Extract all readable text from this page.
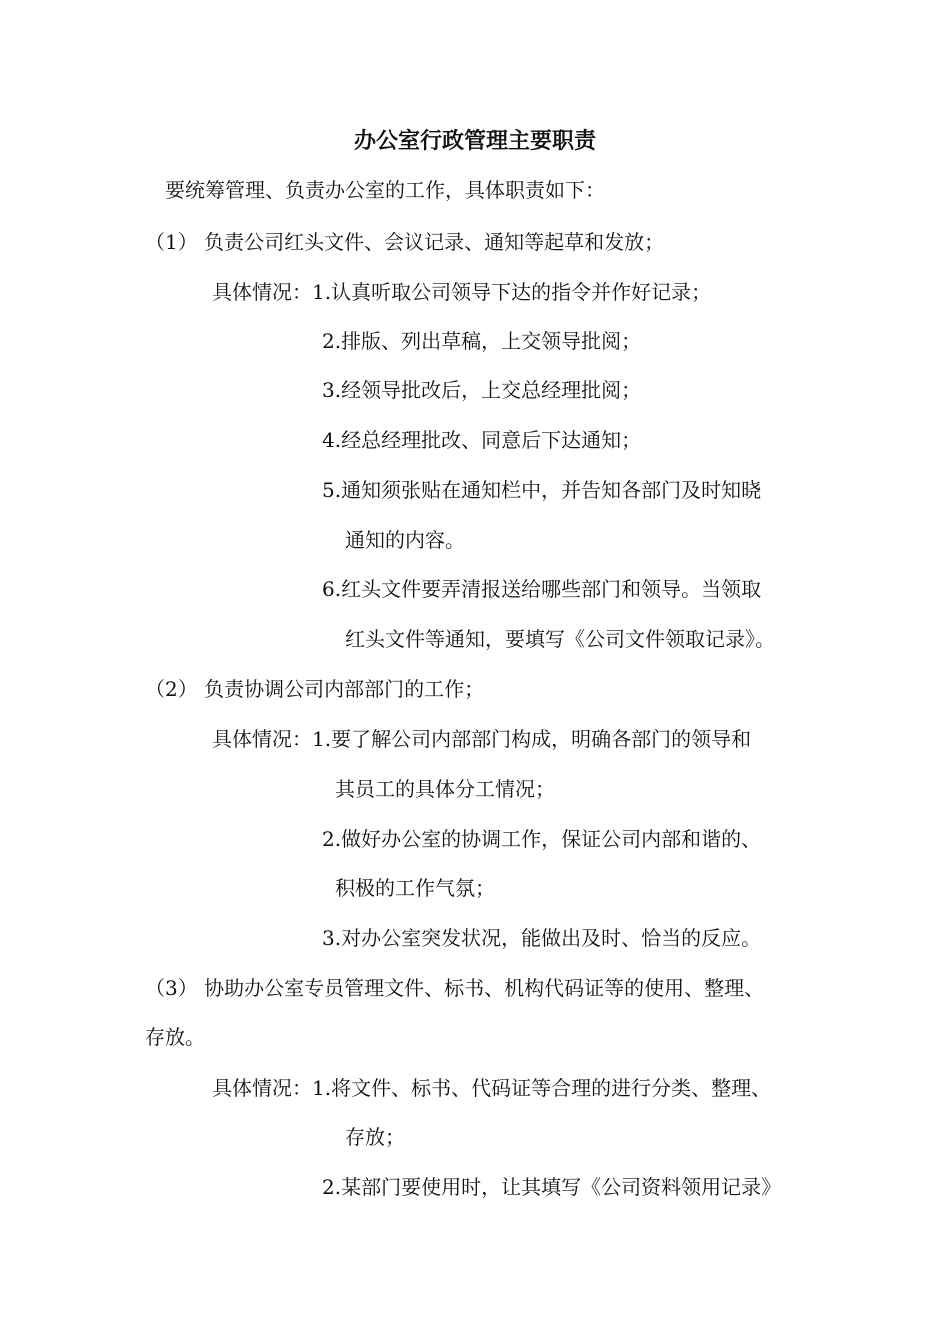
办公室行政管理主要职责
要统筹管理、负责办公室的工作，具体职责如下：
（1） 负责公司红头文件、会议记录、通知等起草和发放；
具体情况：1.认真听取公司领导下达的指令并作好记录；
2.排版、列出草稿，上交领导批阅；
3.经领导批改后，上交总经理批阅；
4.经总经理批改、同意后下达通知；
5.通知须张贴在通知栏中，并告知各部门及时知晓
通知的内容。
6.红头文件要弄清报送给哪些部门和领导。当领取
红头文件等通知，要填写《公司文件领取记录》。
（2） 负责协调公司内部部门的工作；
具体情况：1.要了解公司内部部门构成，明确各部门的领导和
其员工的具体分工情况；
2.做好办公室的协调工作，保证公司内部和谐的、
积极的工作气氛；
3.对办公室突发状况，能做出及时、恰当的反应。
（3） 协助办公室专员管理文件、标书、机构代码证等的使用、整理、
存放。
具体情况：1.将文件、标书、代码证等合理的进行分类、整理、
存放；
2.某部门要使用时，让其填写《公司资料领用记录》
